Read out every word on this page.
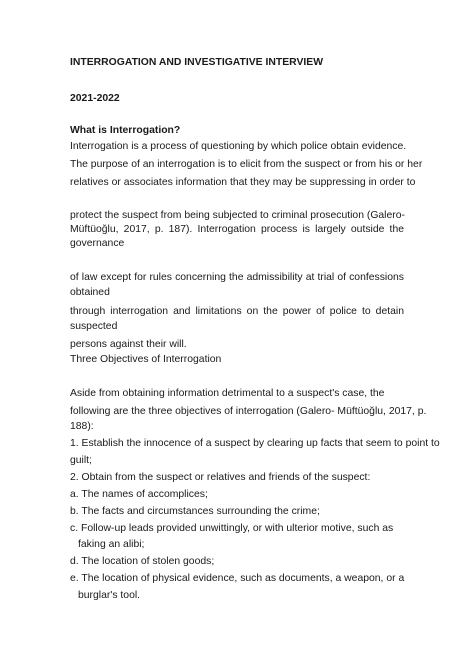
INTERROGATION AND INVESTIGATIVE INTERVIEW
2021-2022
What is Interrogation?
Interrogation is a process of questioning by which police obtain evidence.
The purpose of an interrogation is to elicit from the suspect or from his or her
relatives or associates information that they may be suppressing in order to
protect the suspect from being subjected to criminal prosecution (Galero-
Müftüoğlu, 2017, p. 187). Interrogation process is largely outside the
governance
of law except for rules concerning the admissibility at trial of confessions
obtained
through interrogation and limitations on the power of police to detain
suspected
persons against their will.
Three Objectives of Interrogation
Aside from obtaining information detrimental to a suspect's case, the
following are the three objectives of interrogation (Galero- Müftüoğlu, 2017, p.
188):
1. Establish the innocence of a suspect by clearing up facts that seem to point to
guilt;
2. Obtain from the suspect or relatives and friends of the suspect:
a. The names of accomplices;
b. The facts and circumstances surrounding the crime;
c. Follow-up leads provided unwittingly, or with ulterior motive, such as
faking an alibi;
d. The location of stolen goods;
e. The location of physical evidence, such as documents, a weapon, or a
burglar's tool.
